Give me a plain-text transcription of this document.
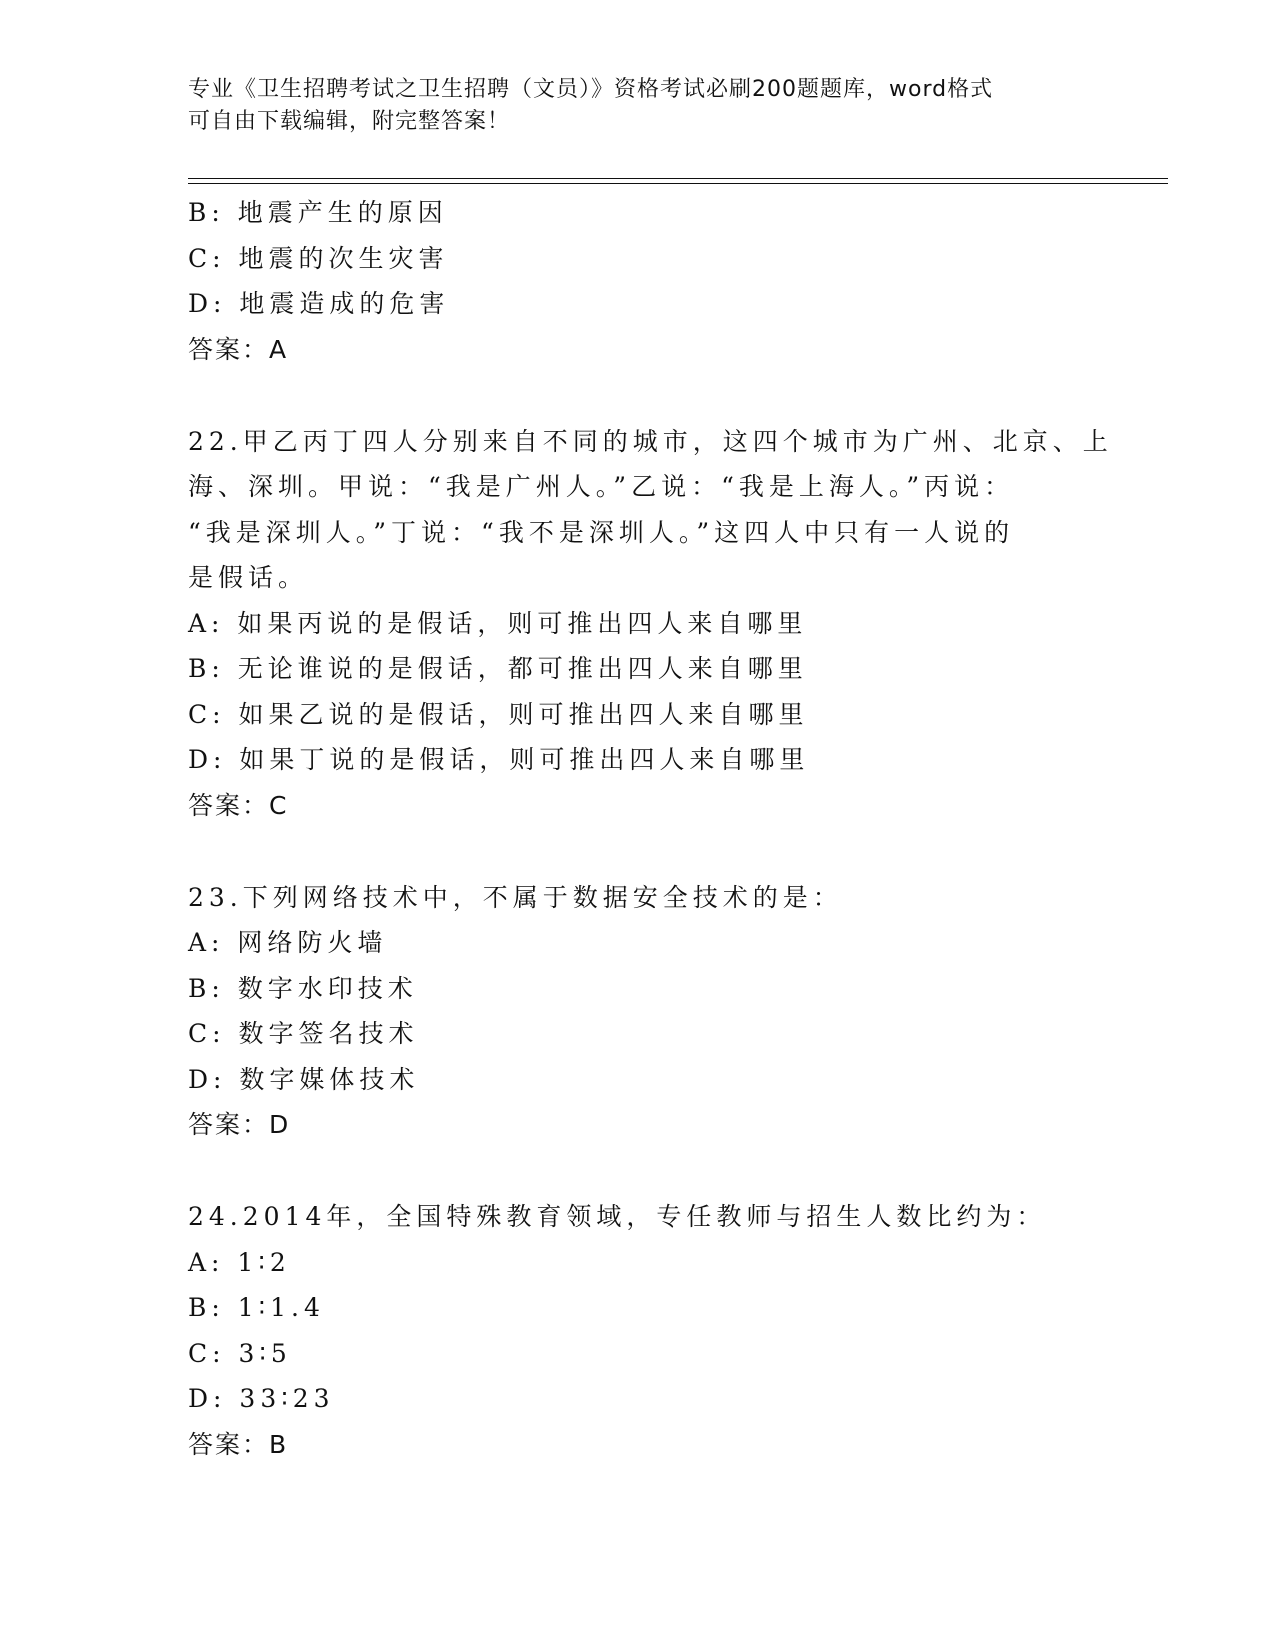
专业《卫生招聘考试之卫生招聘（文员）》资格考试必刷200题题库，word格式

可自由下载编辑，附完整答案！

B: 地震产生的原因
C: 地震的次生灾害
D: 地震造成的危害
答案：A
22.甲乙丙丁四人分别来自不同的城市，这四个城市为广州、北京、上
海、深圳。甲说：“我是广州人。”乙说：“我是上海人。”丙说：
“我是深圳人。”丁说：“我不是深圳人。”这四人中只有一人说的
是假话。
A: 如果丙说的是假话，则可推出四人来自哪里
B: 无论谁说的是假话，都可推出四人来自哪里
C: 如果乙说的是假话，则可推出四人来自哪里
D: 如果丁说的是假话，则可推出四人来自哪里
答案：C
23.下列网络技术中，不属于数据安全技术的是：
A: 网络防火墙
B: 数字水印技术
C: 数字签名技术
D: 数字媒体技术
答案：D
24.2014年，全国特殊教育领域，专任教师与招生人数比约为：
A: 1∶2
B: 1∶1.4
C: 3∶5
D: 33∶23
答案：B
